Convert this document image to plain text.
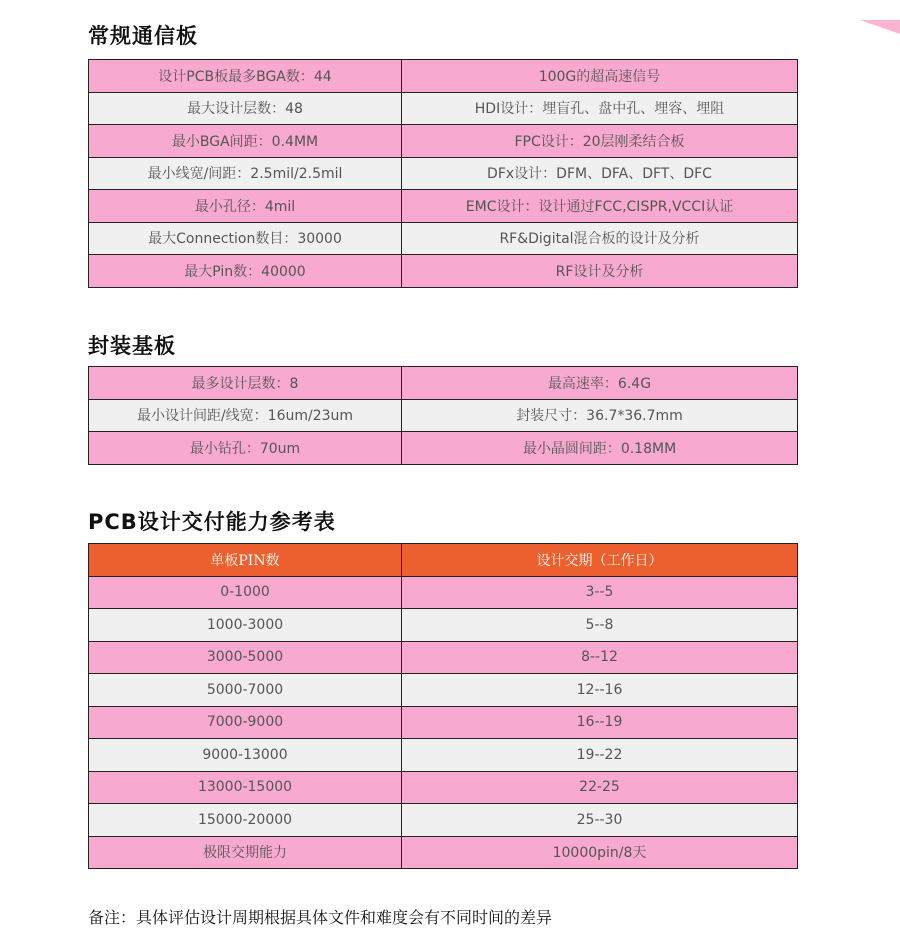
常规通信板
设计PCB板最多BGA数：44	100G的超高速信号
最大设计层数：48	HDI设计：埋盲孔、盘中孔、埋容、埋阻
最小BGA间距：0.4MM	FPC设计：20层刚柔结合板
最小线宽/间距：2.5mil/2.5mil	DFx设计：DFM、DFA、DFT、DFC
最小孔径：4mil	EMC设计：设计通过FCC,CISPR,VCCI认证
最大Connection数目：30000	RF&Digital混合板的设计及分析
最大Pin数：40000	RF设计及分析
封装基板
最多设计层数：8	最高速率：6.4G
最小设计间距/线宽：16um/23um	封装尺寸：36.7*36.7mm
最小钻孔：70um	最小晶圆间距：0.18MM
PCB设计交付能力参考表
单板PIN数	设计交期（工作日）
0-1000	3--5
1000-3000	5--8
3000-5000	8--12
5000-7000	12--16
7000-9000	16--19
9000-13000	19--22
13000-15000	22-25
15000-20000	25--30
极限交期能力	10000pin/8天

备注：具体评估设计周期根据具体文件和难度会有不同时间的差异
